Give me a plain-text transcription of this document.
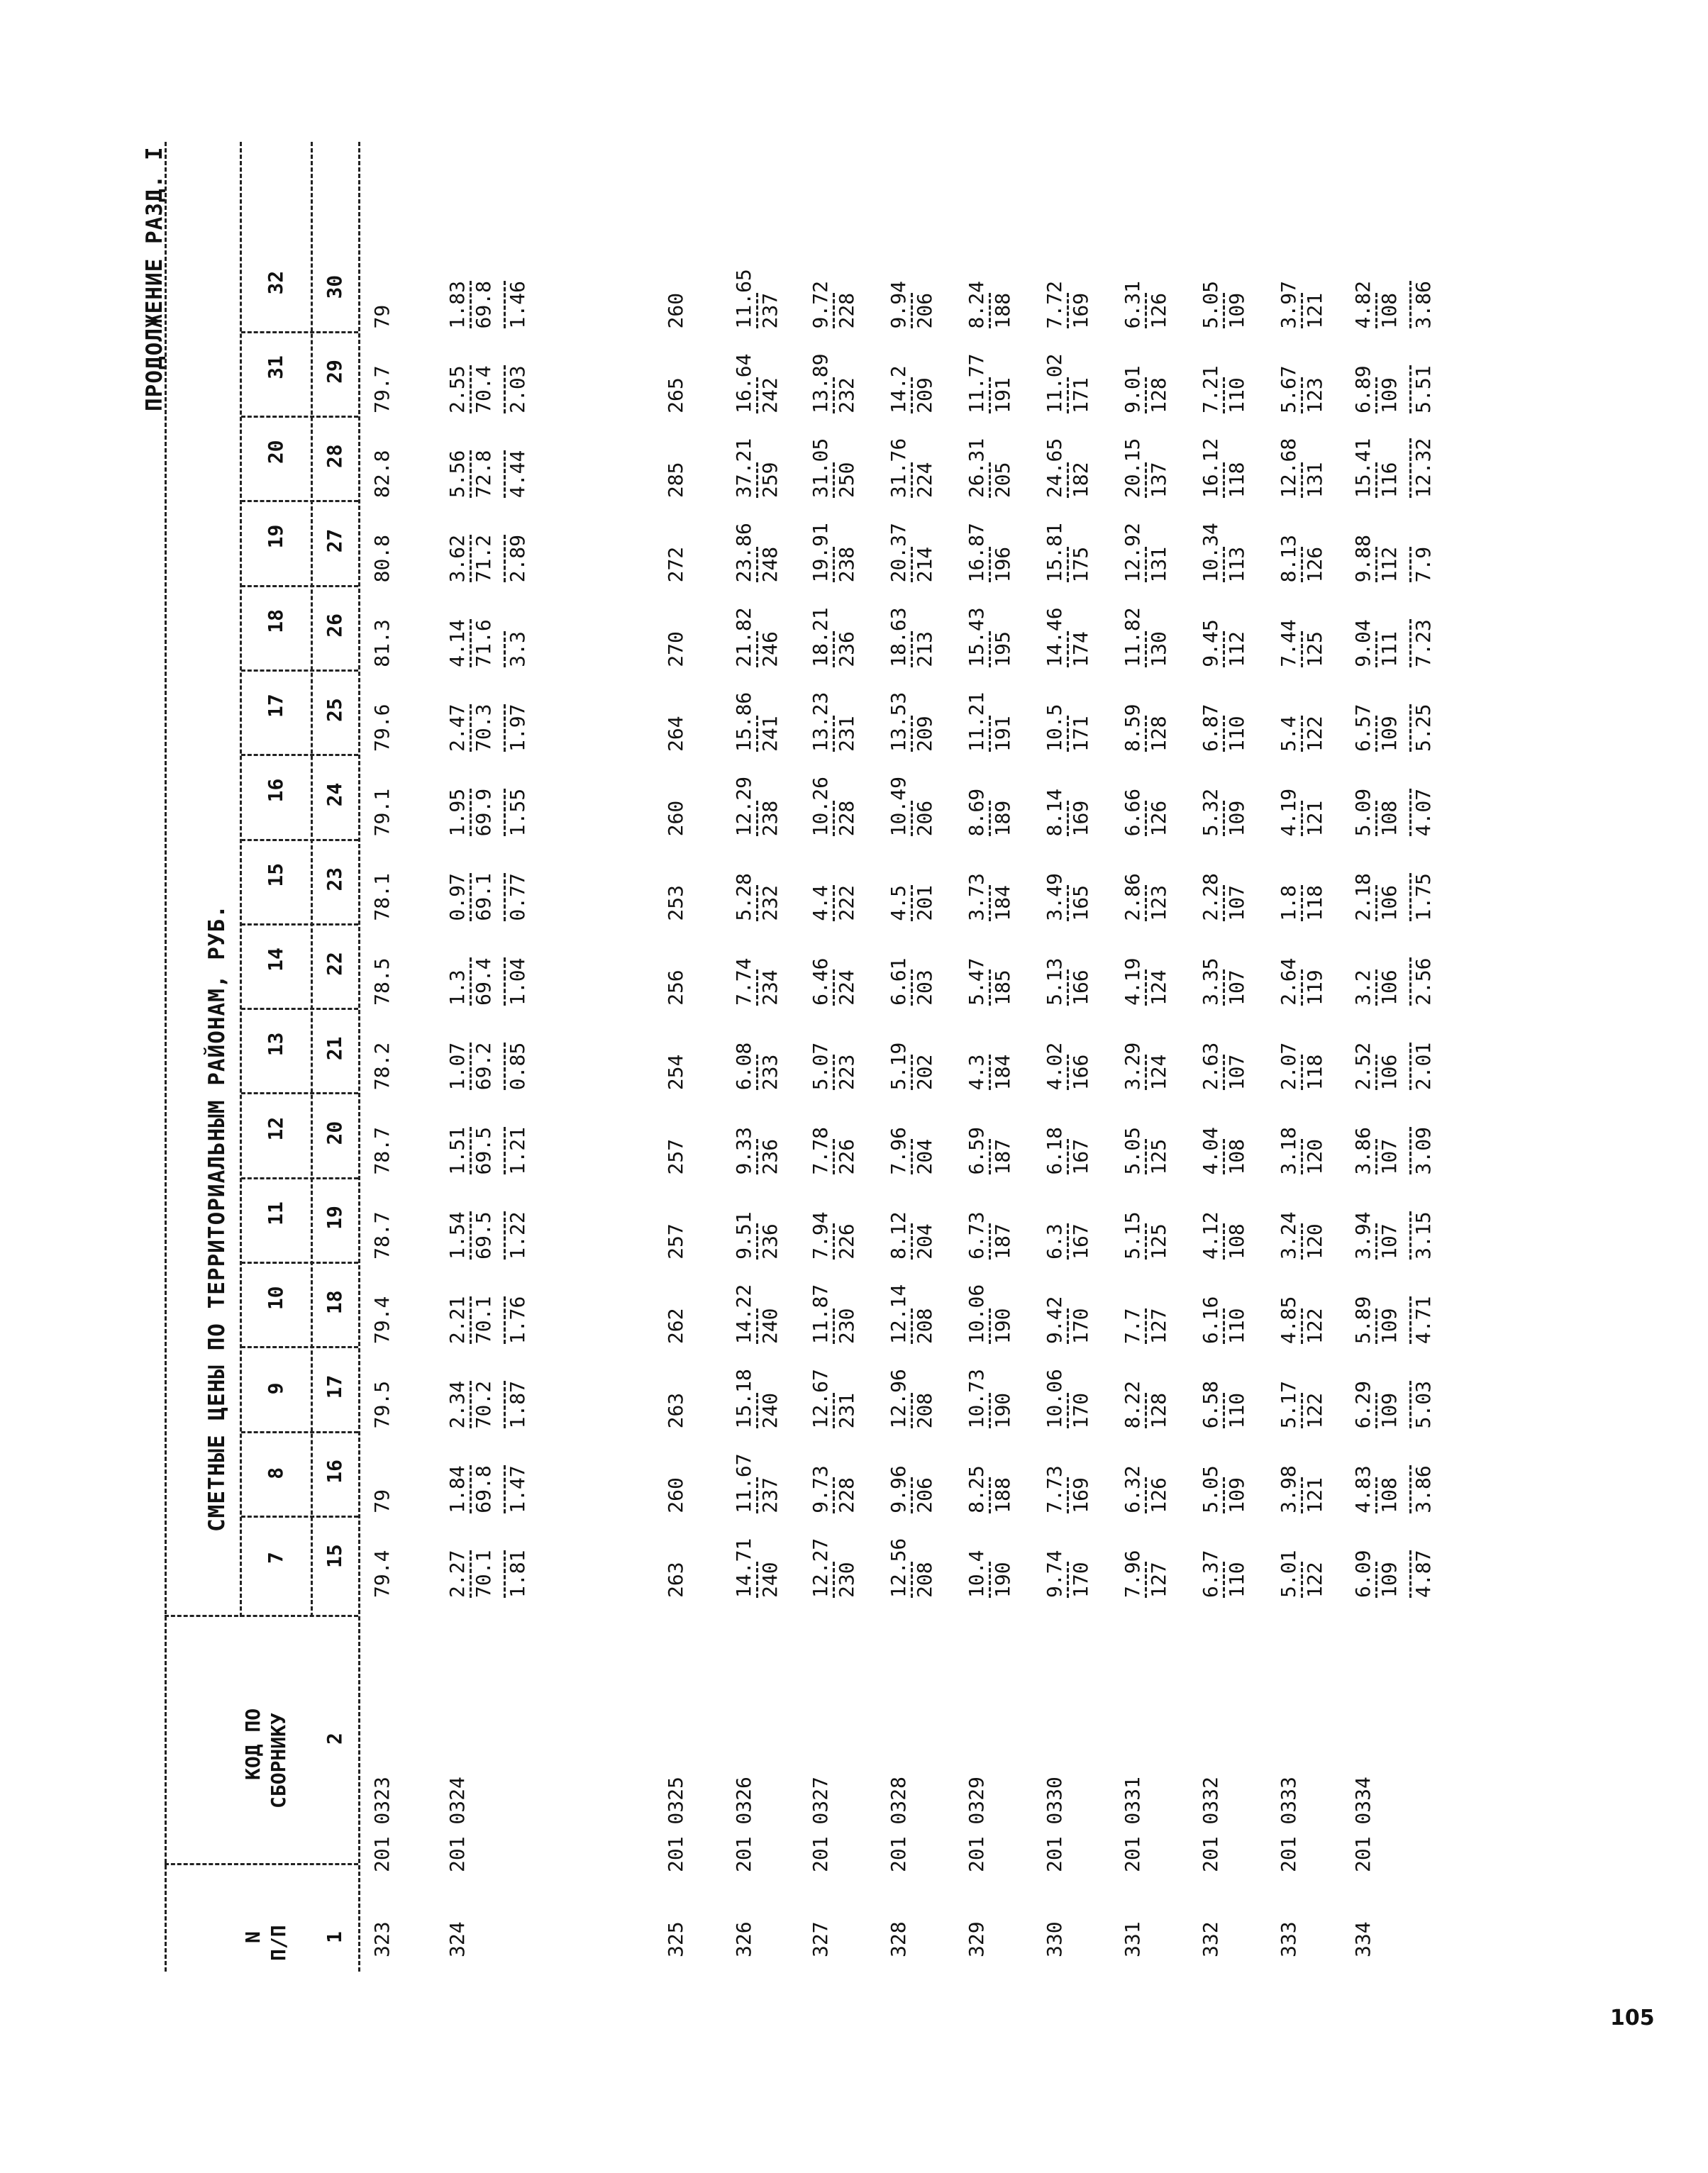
ПРОДОЛЖЕНИЕ РАЗД. I
СМЕТНЫЕ ЦЕНЫ ПО ТЕРРИТОРИАЛЬНЫМ РАЙОНАМ, РУБ.
N П/П 1
КОД ПО СБОРНИКУ 2
7 15
8 16
9 17
10 18
11 19
12 20
13 21
14 22
15 23
16 24
17 25
18 26
19 27
20 28
31 29
32 30
323
201 0323
79.4
79
79.5
79.4
78.7
78.7
78.2
78.5
78.1
79.1
79.6
81.3
80.8
82.8
79.7
79
324
201 0324
2.27
1.84
2.34
2.21
1.54
1.51
1.07
1.3
0.97
1.95
2.47
4.14
3.62
5.56
2.55
1.83
70.1
69.8
70.2
70.1
69.5
69.5
69.2
69.4
69.1
69.9
70.3
71.6
71.2
72.8
70.4
69.8
1.81
1.47
1.87
1.76
1.22
1.21
0.85
1.04
0.77
1.55
1.97
3.3
2.89
4.44
2.03
1.46
325
201 0325
263
260
263
262
257
257
254
256
253
260
264
270
272
285
265
260
326
201 0326
14.71
11.67
15.18
14.22
9.51
9.33
6.08
7.74
5.28
12.29
15.86
21.82
23.86
37.21
16.64
11.65
240
237
240
240
236
236
233
234
232
238
241
246
248
259
242
237
327
201 0327
12.27
9.73
12.67
11.87
7.94
7.78
5.07
6.46
4.4
10.26
13.23
18.21
19.91
31.05
13.89
9.72
230
228
231
230
226
226
223
224
222
228
231
236
238
250
232
228
328
201 0328
12.56
9.96
12.96
12.14
8.12
7.96
5.19
6.61
4.5
10.49
13.53
18.63
20.37
31.76
14.2
9.94
208
206
208
208
204
204
202
203
201
206
209
213
214
224
209
206
329
201 0329
10.4
8.25
10.73
10.06
6.73
6.59
4.3
5.47
3.73
8.69
11.21
15.43
16.87
26.31
11.77
8.24
190
188
190
190
187
187
184
185
184
189
191
195
196
205
191
188
330
201 0330
9.74
7.73
10.06
9.42
6.3
6.18
4.02
5.13
3.49
8.14
10.5
14.46
15.81
24.65
11.02
7.72
170
169
170
170
167
167
166
166
165
169
171
174
175
182
171
169
331
201 0331
7.96
6.32
8.22
7.7
5.15
5.05
3.29
4.19
2.86
6.66
8.59
11.82
12.92
20.15
9.01
6.31
127
126
128
127
125
125
124
124
123
126
128
130
131
137
128
126
332
201 0332
6.37
5.05
6.58
6.16
4.12
4.04
2.63
3.35
2.28
5.32
6.87
9.45
10.34
16.12
7.21
5.05
110
109
110
110
108
108
107
107
107
109
110
112
113
118
110
109
333
201 0333
5.01
3.98
5.17
4.85
3.24
3.18
2.07
2.64
1.8
4.19
5.4
7.44
8.13
12.68
5.67
3.97
122
121
122
122
120
120
118
119
118
121
122
125
126
131
123
121
334
201 0334
6.09
4.83
6.29
5.89
3.94
3.86
2.52
3.2
2.18
5.09
6.57
9.04
9.88
15.41
6.89
4.82
109
108
109
109
107
107
106
106
106
108
109
111
112
116
109
108
4.87
3.86
5.03
4.71
3.15
3.09
2.01
2.56
1.75
4.07
5.25
7.23
7.9
12.32
5.51
3.86
105
